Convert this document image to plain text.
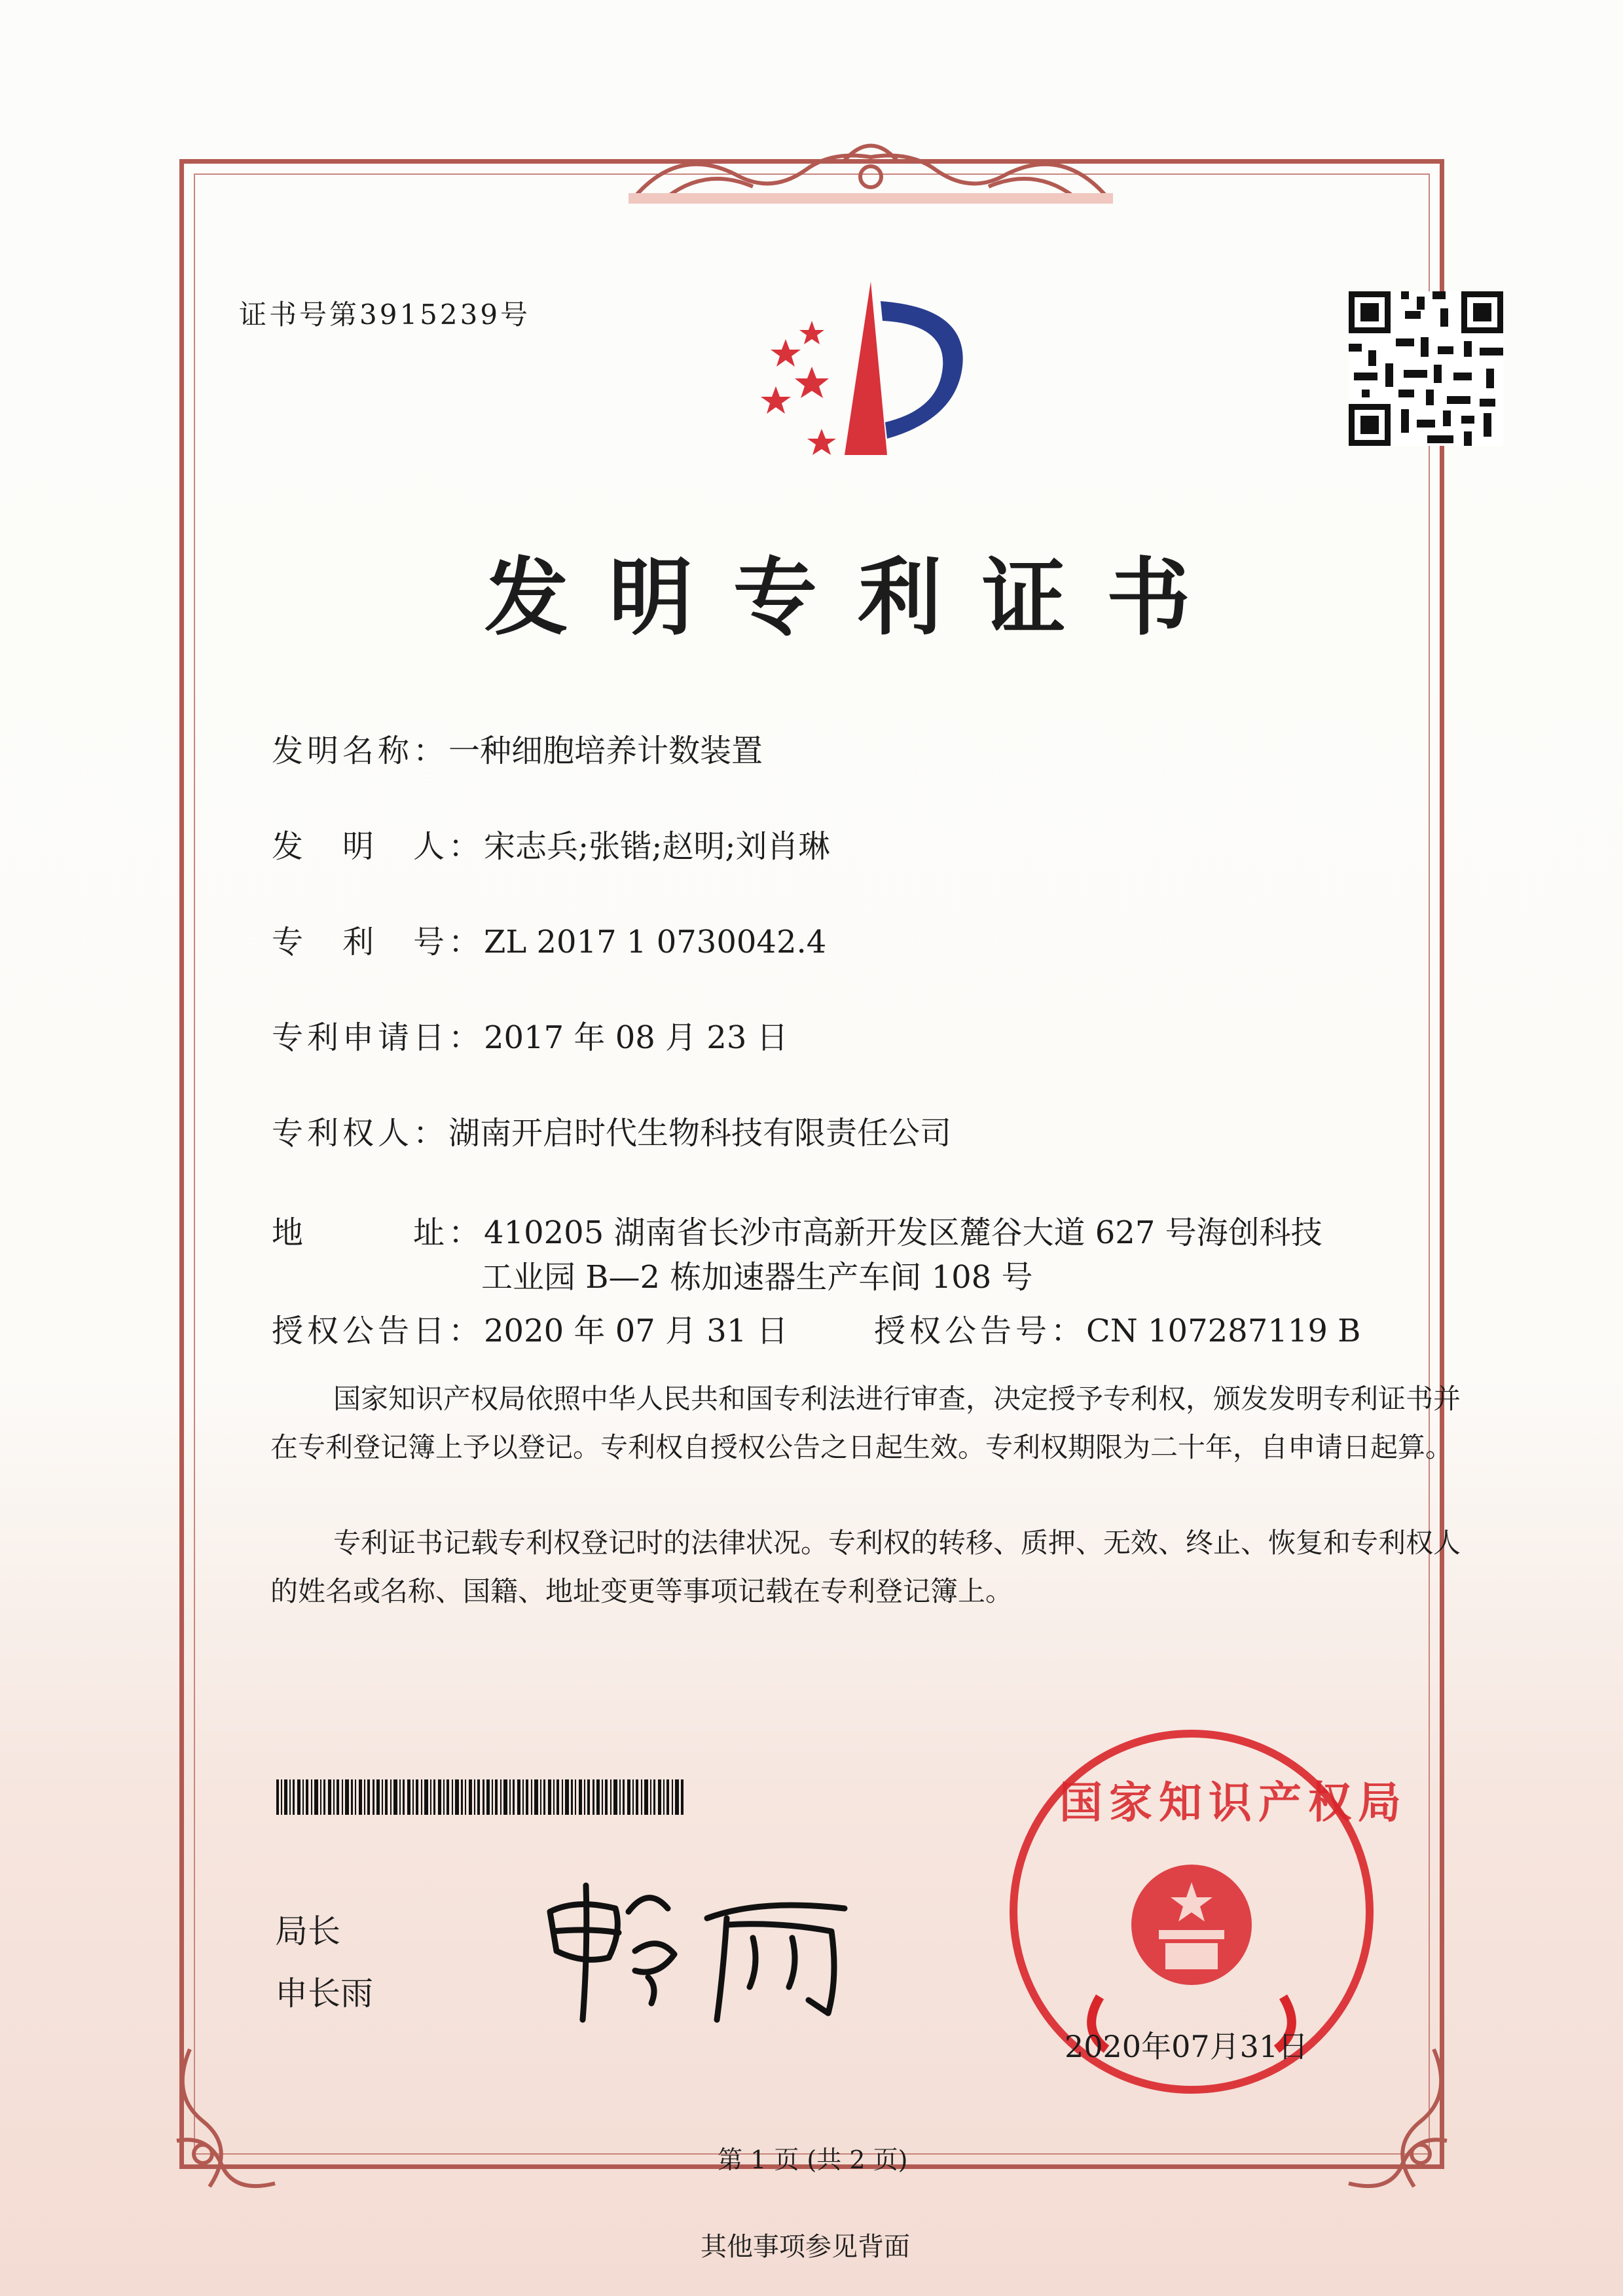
证书号第3915239号
发明专利证书
发明名称：一种细胞培养计数装置
发　明　人：宋志兵;张锴;赵明;刘肖琳
专　利　号：ZL 2017 1 0730042.4
专利申请日：2017 年 08 月 23 日
专利权人：湖南开启时代生物科技有限责任公司
地　　　址：410205 湖南省长沙市高新开发区麓谷大道 627 号海创科技
工业园 B—2 栋加速器生产车间 108 号
授权公告日：2020 年 07 月 31 日	授权公告号：CN 107287119 B
国家知识产权局依照中华人民共和国专利法进行审查，决定授予专利权，颁发发明专利证书并在专利登记簿上予以登记。专利权自授权公告之日起生效。专利权期限为二十年，自申请日起算。
专利证书记载专利权登记时的法律状况。专利权的转移、质押、无效、终止、恢复和专利权人的姓名或名称、国籍、地址变更等事项记载在专利登记簿上。
局长
申长雨
国家知识产权局
2020年07月31日
第 1 页 (共 2 页)
其他事项参见背面
